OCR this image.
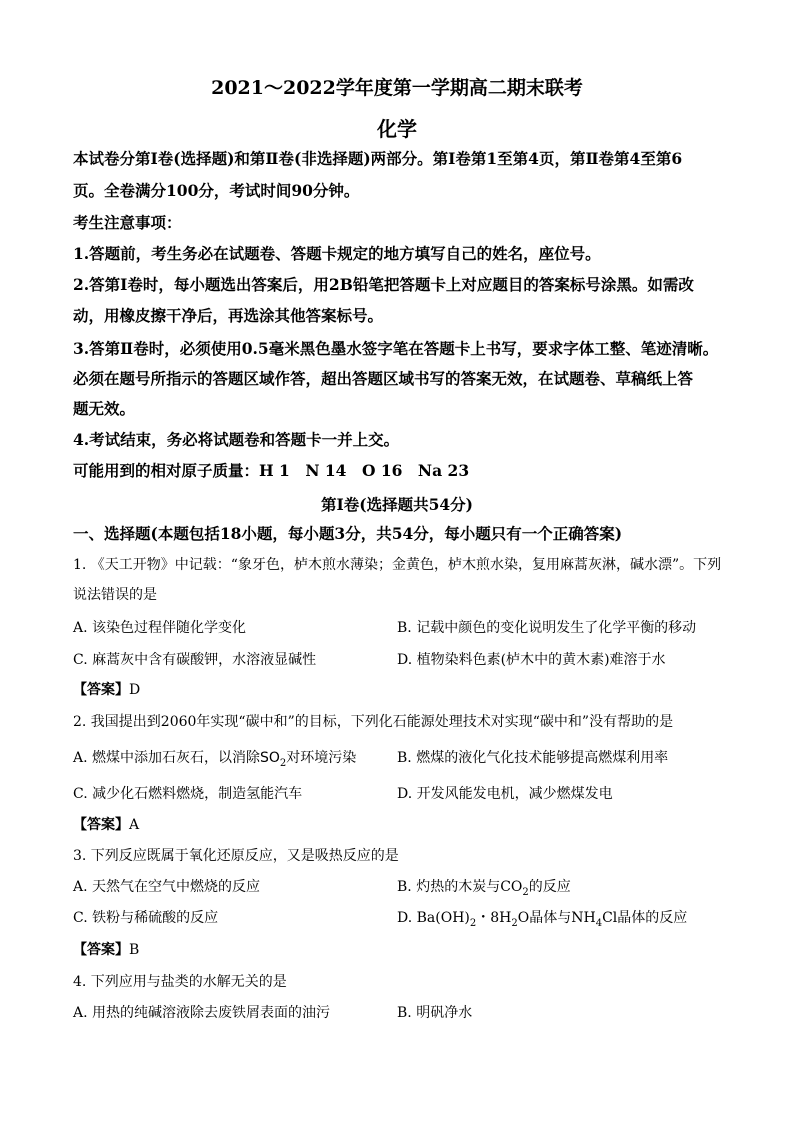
2021～2022学年度第一学期高二期末联考
化学
本试卷分第Ⅰ卷(选择题)和第Ⅱ卷(非选择题)两部分。第Ⅰ卷第1至第4页，第Ⅱ卷第4至第6
页。全卷满分100分，考试时间90分钟。
考生注意事项：
1.答题前，考生务必在试题卷、答题卡规定的地方填写自己的姓名，座位号。
2.答第Ⅰ卷时，每小题选出答案后，用2B铅笔把答题卡上对应题目的答案标号涂黑。如需改
动，用橡皮擦干净后，再选涂其他答案标号。
3.答第Ⅱ卷时，必须使用0.5毫米黑色墨水签字笔在答题卡上书写，要求字体工整、笔迹清晰。
必须在题号所指示的答题区域作答，超出答题区域书写的答案无效，在试题卷、草稿纸上答
题无效。
4.考试结束，务必将试题卷和答题卡一并上交。
可能用到的相对原子质量：H 1　N 14　O 16　Na 23
第Ⅰ卷(选择题共54分)
一、选择题(本题包括18小题，每小题3分，共54分，每小题只有一个正确答案)
1. 《天工开物》中记载：“象牙色，栌木煎水薄染；金黄色，栌木煎水染，复用麻蒿灰淋，碱水漂”。下列
说法错误的是
A. 该染色过程伴随化学变化	B. 记载中颜色的变化说明发生了化学平衡的移动
C. 麻蒿灰中含有碳酸钾，水溶液显碱性	D. 植物染料色素(栌木中的黄木素)难溶于水
【答案】D
2. 我国提出到2060年实现“碳中和”的目标，下列化石能源处理技术对实现“碳中和”没有帮助的是
A. 燃煤中添加石灰石，以消除$SO_2$对环境污染	B. 燃煤的液化气化技术能够提高燃煤利用率
C. 减少化石燃料燃烧，制造氢能汽车	D. 开发风能发电机，减少燃煤发电
【答案】A
3. 下列反应既属于氧化还原反应，又是吸热反应的是
A. 天然气在空气中燃烧的反应	B. 灼热的木炭与$CO_2$的反应
C. 铁粉与稀硫酸的反应	D. $Ba(OH)_2$・$8H_2O$晶体与$NH_4Cl$晶体的反应
【答案】B
4. 下列应用与盐类的水解无关的是
A. 用热的纯碱溶液除去废铁屑表面的油污	B. 明矾净水
